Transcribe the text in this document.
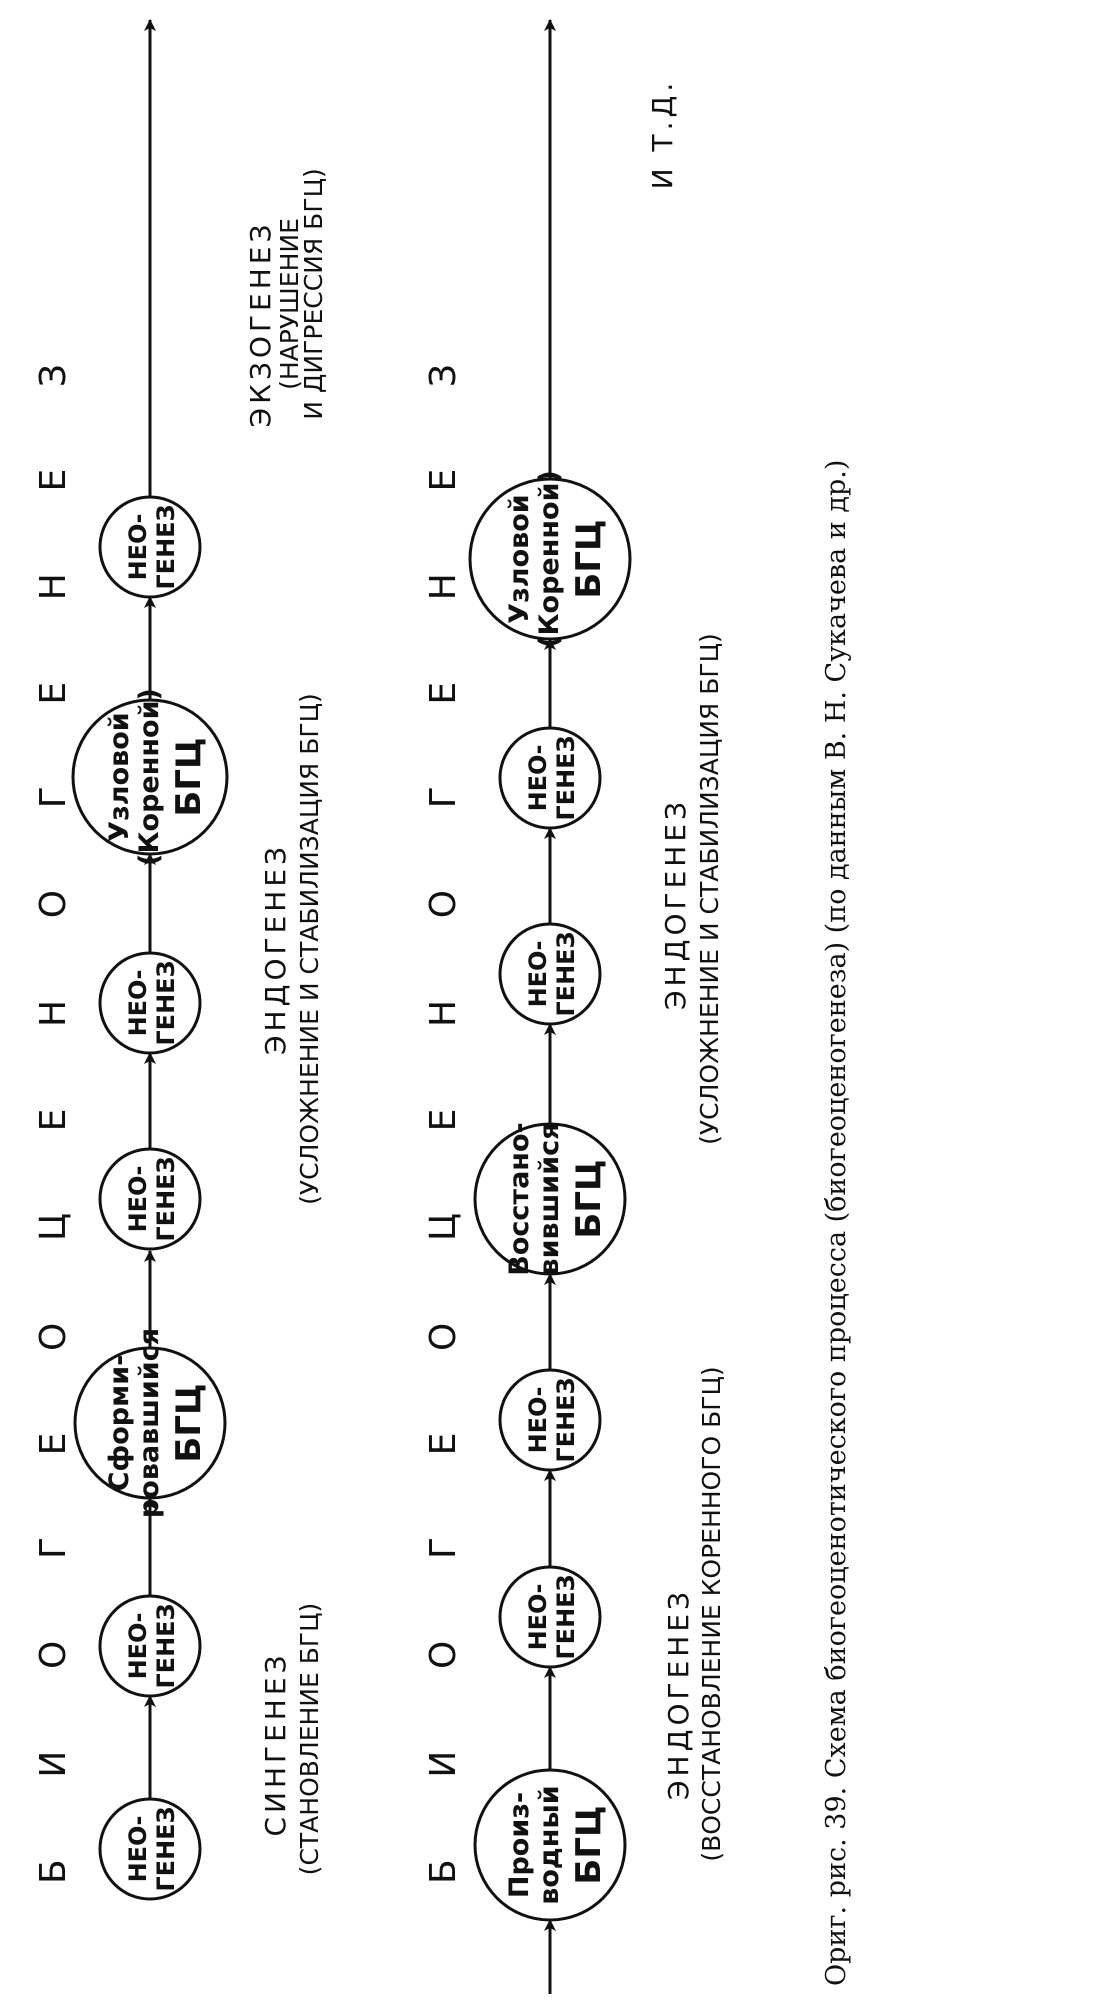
БИОГЕОЦЕНОГЕНЕЗ
НЕО- ГЕНЕЗ
НЕО- ГЕНЕЗ
Сформи- ровавшийся БГЦ
НЕО- ГЕНЕЗ
НЕО- ГЕНЕЗ
Узловой (Коренной) БГЦ
НЕО- ГЕНЕЗ
СИНГЕНЕЗ (СТАНОВЛЕНИЕ БГЦ)
ЭНДОГЕНЕЗ (УСЛОЖНЕНИЕ И СТАБИЛИЗАЦИЯ БГЦ)
ЭКЗОГЕНЕЗ
(НАРУШЕНИЕ
И ДИГРЕССИЯ БГЦ)
БИОГЕОЦЕНОГЕНЕЗ
Произ- водный БГЦ
НЕО- ГЕНЕЗ
НЕО- ГЕНЕЗ
Восстано- вившийся БГЦ
НЕО- ГЕНЕЗ
НЕО- ГЕНЕЗ
Узловой (Коренной) БГЦ
ЭНДОГЕНЕЗ (ВОССТАНОВЛЕНИЕ КОРЕННОГО БГЦ)
ЭНДОГЕНЕЗ (УСЛОЖНЕНИЕ И СТАБИЛИЗАЦИЯ БГЦ)
И Т.Д.
Ориг. рис. 39. Схема биогеоценотического процесса (биогеоценогенеза) (по данным В. Н. Сукачева и др.)
